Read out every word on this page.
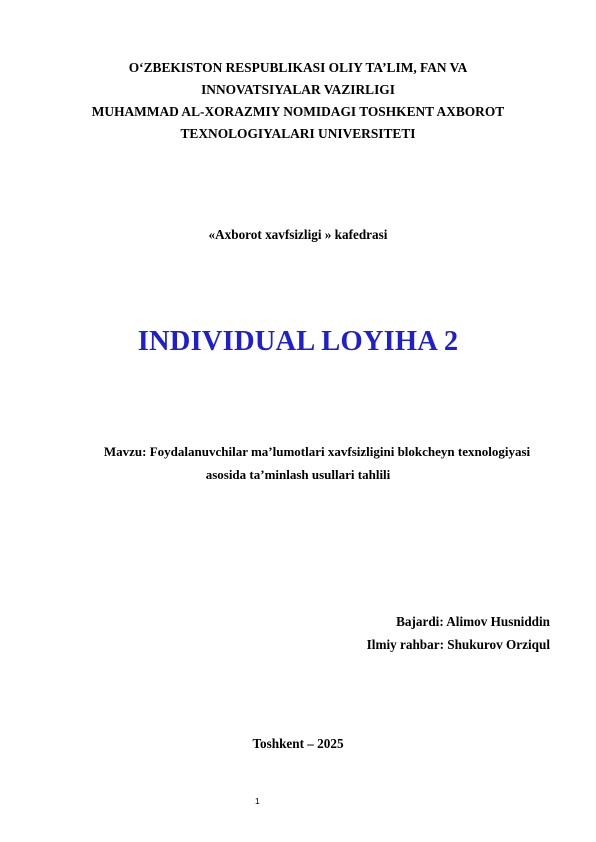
O‘ZBEKISTON RESPUBLIKASI OLIY TA’LIM, FAN VA
INNOVATSIYALAR VAZIRLIGI
MUHAMMAD AL-XORAZMIY NOMIDAGI TOSHKENT AXBOROT
TEXNOLOGIYALARI UNIVERSITETI
«Axborot xavfsizligi » kafedrasi
INDIVIDUAL LOYIHA 2
Mavzu: Foydalanuvchilar ma’lumotlari xavfsizligini blokcheyn texnologiyasi
asosida ta’minlash usullari tahlili
Bajardi: Alimov Husniddin
Ilmiy rahbar: Shukurov Orziqul
Toshkent – 2025
1
